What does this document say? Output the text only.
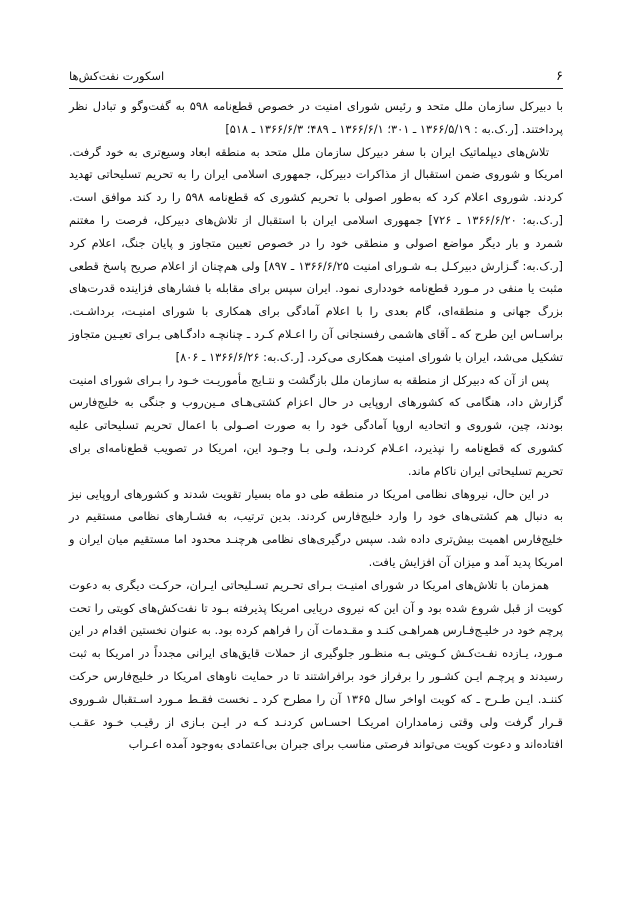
۶
اسکورت نفت‌کش‌ها

با دبیرکل سازمان ملل متحد و رئیس شورای امنیت در خصوص قطع‌نامه ۵۹۸ به گفت‌وگو و تبادل نظر پرداختند. [ر.ک.به : ۱۳۶۶/۵/۱۹ ـ ۳۰۱؛ ۱۳۶۶/۶/۱ ـ ۴۸۹؛ ۱۳۶۶/۶/۳ ـ ۵۱۸]

تلاش‌های دیپلماتیک ایران با سفر دبیرکل سازمان ملل متحد به منطقه ابعاد وسیع‌تری به خود گرفت. امریکا و شوروی ضمن استقبال از مذاکرات دبیرکل، جمهوری اسلامی ایران را به تحریم تسلیحاتی تهدید کردند. شوروی اعلام کرد که به‌طور اصولی با تحریم کشوری که قطع‌نامه ۵۹۸ را رد کند موافق است. [ر.ک.به: ۱۳۶۶/۶/۲۰ ـ ۷۲۶] جمهوری اسلامی ایران با استقبال از تلاش‌های دبیرکل، فرصت را مغتنم شمرد و بار دیگر مواضع اصولی و منطقی خود را در خصوص تعیین متجاوز و پایان جنگ، اعلام کرد [ر.ک.به: گـزارش دبیرکـل بـه شـورای امنیت ۱۳۶۶/۶/۲۵ ـ ۸۹۷] ولی هم‌چنان از اعلام صریح پاسخ قطعی مثبت یا منفی در مـورد قطع‌نامه خودداری نمود. ایران سپس برای مقابله با فشارهای فزاینده قدرت‌های بزرگ جهانی و منطقه‌ای، گام بعدی را با اعلام آمادگی برای همکاری با شورای امنیـت، برداشـت. براسـاس این طرح که ـ آقای هاشمی رفسنجانی آن را اعـلام کـرد ـ چنانچـه دادگـاهی بـرای تعیـین متجاوز تشکیل می‌شد، ایران با شورای امنیت همکاری می‌کرد. [ر.ک.به: ۱۳۶۶/۶/۲۶ ـ ۸۰۶]

پس از آن که دبیرکل از منطقه به سازمان ملل بازگشت و نتـایج مأموریـت خـود را بـرای شورای امنیت گزارش داد، هنگامی که کشورهای اروپایی در حال اعزام کشتی‌هـای مـین‌روب و جنگی به خلیج‌فارس بودند، چین، شوروی و اتحادیه اروپا آمادگی خود را به صورت اصـولی با اعمال تحریم تسلیحاتی علیه کشوری که قطع‌نامه را نپذیرد، اعـلام کردنـد، ولـی بـا وجـود این، امریکا در تصویب قطع‌نامه‌ای برای تحریم تسلیحاتی ایران ناکام ماند.

در این حال، نیروهای نظامی امریکا در منطقه طی دو ماه بسیار تقویت شدند و کشورهای اروپایی نیز به دنبال هم کشتی‌های خود را وارد خلیج‌فارس کردند. بدین ترتیب، به فشـارهای نظامی مستقیم در خلیج‌فارس اهمیت بیش‌تری داده شد. سپس درگیری‌های نظامی هرچنـد محدود اما مستقیم میان ایران و امریکا پدید آمد و میزان آن افزایش یافت.

همزمان با تلاش‌های امریکا در شورای امنیـت بـرای تحـریم تسـلیحاتی ایـران، حرکـت دیگری به دعوت کویت از قبل شروع شده بود و آن این که نیروی دریایی امریکا پذیرفته بـود تا نفت‌کش‌های کویتی را تحت پرچم خود در خلیـج‌فـارس همراهـی کنـد و مقـدمات آن را فراهم کرده بود. به عنوان نخستین اقدام در این مـورد، یـازده نفـت‌کـش کـویتی بـه منظـور جلوگیری از حملات قایق‌های ایرانی مجدداً در امریکا به ثبت رسیدند و پرچـم ایـن کشـور را برفراز خود برافراشتند تا در حمایت ناوهای امریکا در خلیج‌فارس حرکت کننـد. ایـن طـرح ـ که کویت اواخر سال ۱۳۶۵ آن را مطرح کرد ـ نخست فقـط مـورد اسـتقبال شـوروی قـرار گرفت ولی وقتی زمامداران امریکـا احسـاس کردنـد کـه در ایـن بـازی از رقیـب خـود عقـب افتاده‌اند و دعوت کویت می‌تواند فرصتی مناسب برای جبران بی‌اعتمادی به‌وجود آمده اعـراب
